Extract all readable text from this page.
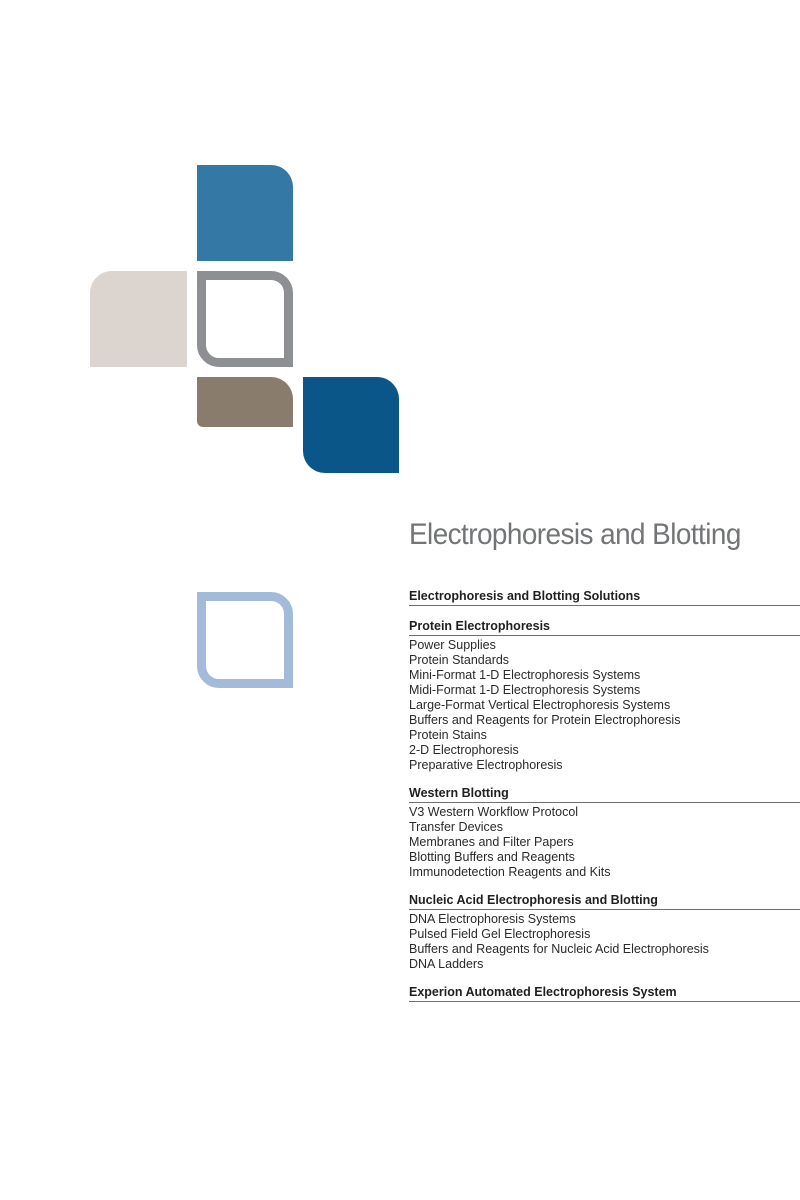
Electrophoresis and Blotting
Electrophoresis and Blotting Solutions
Protein Electrophoresis
Power Supplies
Protein Standards
Mini-Format 1-D Electrophoresis Systems
Midi-Format 1-D Electrophoresis Systems
Large-Format Vertical Electrophoresis Systems
Buffers and Reagents for Protein Electrophoresis
Protein Stains
2-D Electrophoresis
Preparative Electrophoresis
Western Blotting
V3 Western Workflow Protocol
Transfer Devices
Membranes and Filter Papers
Blotting Buffers and Reagents
Immunodetection Reagents and Kits
Nucleic Acid Electrophoresis and Blotting
DNA Electrophoresis Systems
Pulsed Field Gel Electrophoresis
Buffers and Reagents for Nucleic Acid Electrophoresis
DNA Ladders
Experion Automated Electrophoresis System
